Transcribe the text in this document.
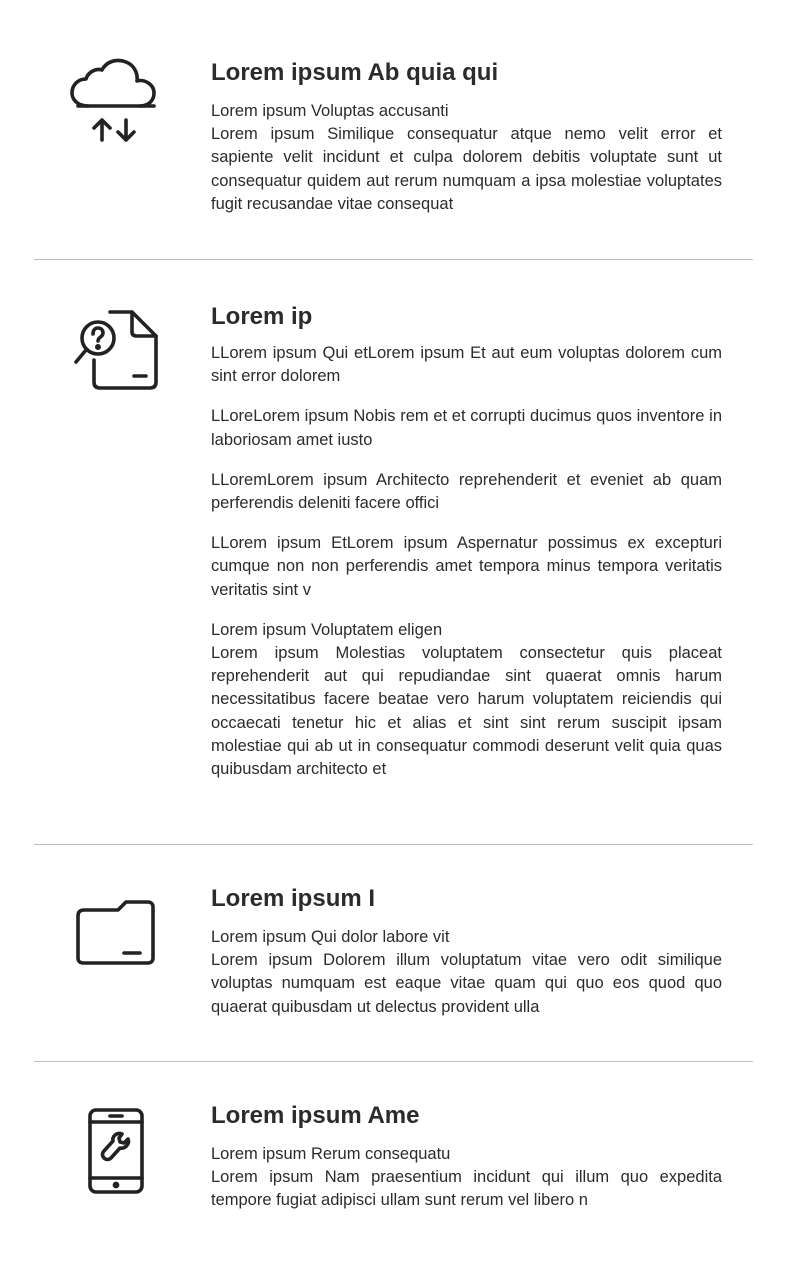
Lorem ipsum Ab quia qui

Lorem ipsum Voluptas accusanti
Lorem ipsum Similique consequatur atque nemo velit error et sapiente velit incidunt et culpa dolorem debitis voluptate sunt ut consequatur quidem aut rerum numquam a ipsa molestiae voluptates fugit recusandae vitae consequat

Lorem ip

LLorem ipsum Qui etLorem ipsum Et aut eum voluptas dolorem cum sint error dolorem

LLoreLorem ipsum Nobis rem et et corrupti ducimus quos inventore in laboriosam amet iusto

LLoremLorem ipsum Architecto reprehenderit et eveniet ab quam perferendis deleniti facere offici

LLorem ipsum EtLorem ipsum Aspernatur possimus ex excepturi cumque non non perferendis amet tempora minus tempora veritatis veritatis sint v

Lorem ipsum Voluptatem eligen
Lorem ipsum Molestias voluptatem consectetur quis placeat reprehenderit aut qui repudiandae sint quaerat omnis harum necessitatibus facere beatae vero harum voluptatem reiciendis qui occaecati tenetur hic et alias et sint sint rerum suscipit ipsam molestiae qui ab ut in consequatur commodi deserunt velit quia quas quibusdam architecto et

Lorem ipsum I

Lorem ipsum Qui dolor labore vit
Lorem ipsum Dolorem illum voluptatum vitae vero odit similique voluptas numquam est eaque vitae quam qui quo eos quod quo quaerat quibusdam ut delectus provident ulla

Lorem ipsum Ame

Lorem ipsum Rerum consequatu
Lorem ipsum Nam praesentium incidunt qui illum quo expedita tempore fugiat adipisci ullam sunt rerum vel libero n
